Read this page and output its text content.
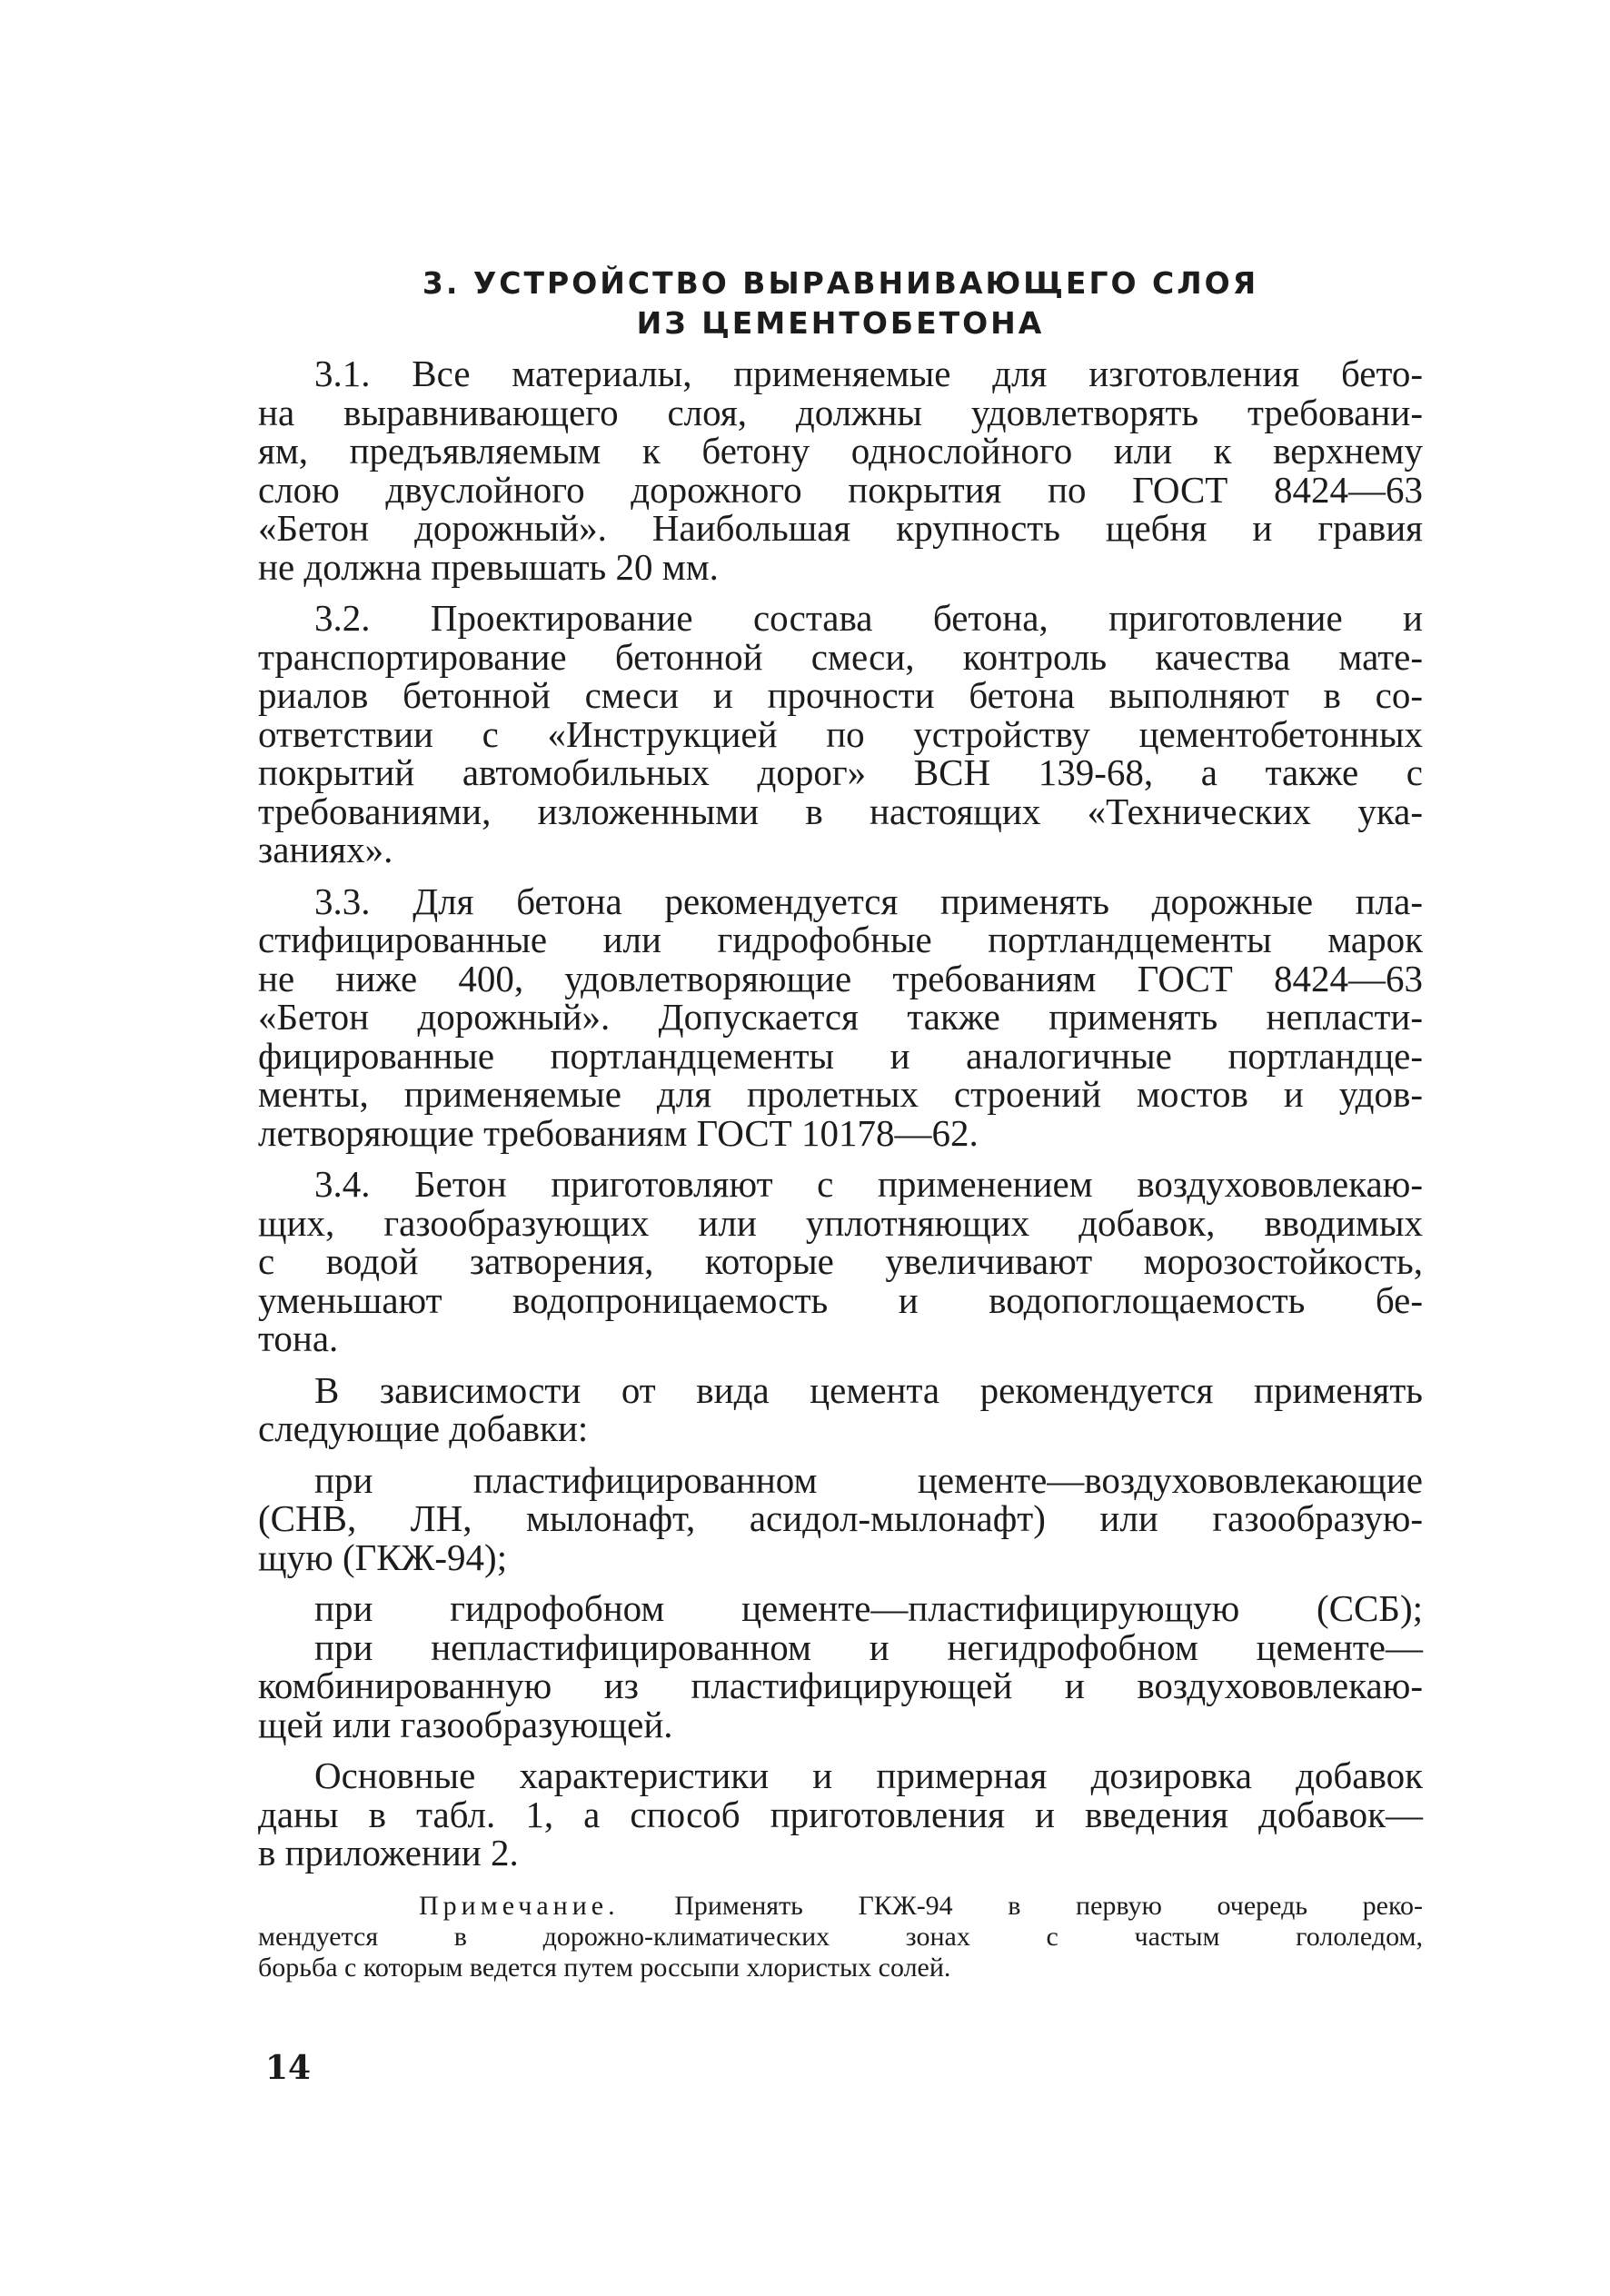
3. УСТРОЙСТВО ВЫРАВНИВАЮЩЕГО СЛОЯ
ИЗ ЦЕМЕНТОБЕТОНА
3.1. Все материалы, применяемые для изготовления бето-
на выравнивающего слоя, должны удовлетворять требовани-
ям, предъявляемым к бетону однослойного или к верхнему
слою двуслойного дорожного покрытия по ГОСТ 8424—63
«Бетон дорожный». Наибольшая крупность щебня и гравия
не должна превышать 20 мм.
3.2. Проектирование состава бетона, приготовление и
транспортирование бетонной смеси, контроль качества мате-
риалов бетонной смеси и прочности бетона выполняют в со-
ответствии с «Инструкцией по устройству цементобетонных
покрытий автомобильных дорог» ВСН 139-68, а также с
требованиями, изложенными в настоящих «Технических ука-
заниях».
3.3. Для бетона рекомендуется применять дорожные пла-
стифицированные или гидрофобные портландцементы марок
не ниже 400, удовлетворяющие требованиям ГОСТ 8424—63
«Бетон дорожный». Допускается также применять непласти-
фицированные портландцементы и аналогичные портландце-
менты, применяемые для пролетных строений мостов и удов-
летворяющие требованиям ГОСТ 10178—62.
3.4. Бетон приготовляют с применением воздухововлекаю-
щих, газообразующих или уплотняющих добавок, вводимых
с водой затворения, которые увеличивают морозостойкость,
уменьшают водопроницаемость и водопоглощаемость бе-
тона.
В зависимости от вида цемента рекомендуется применять
следующие добавки:
при пластифицированном цементе—воздухововлекающие
(СНВ, ЛН, мылонафт, асидол-мылонафт) или газообразую-
щую (ГКЖ-94);
при гидрофобном цементе—пластифицирующую (ССБ);
при непластифицированном и негидрофобном цементе—
комбинированную из пластифицирующей и воздухововлекаю-
щей или газообразующей.
Основные характеристики и примерная дозировка добавок
даны в табл. 1, а способ приготовления и введения добавок—
в приложении 2.
Примечание. Применять ГКЖ-94 в первую очередь реко-
мендуется в дорожно-климатических зонах с частым гололедом,
борьба с которым ведется путем россыпи хлористых солей.
14
